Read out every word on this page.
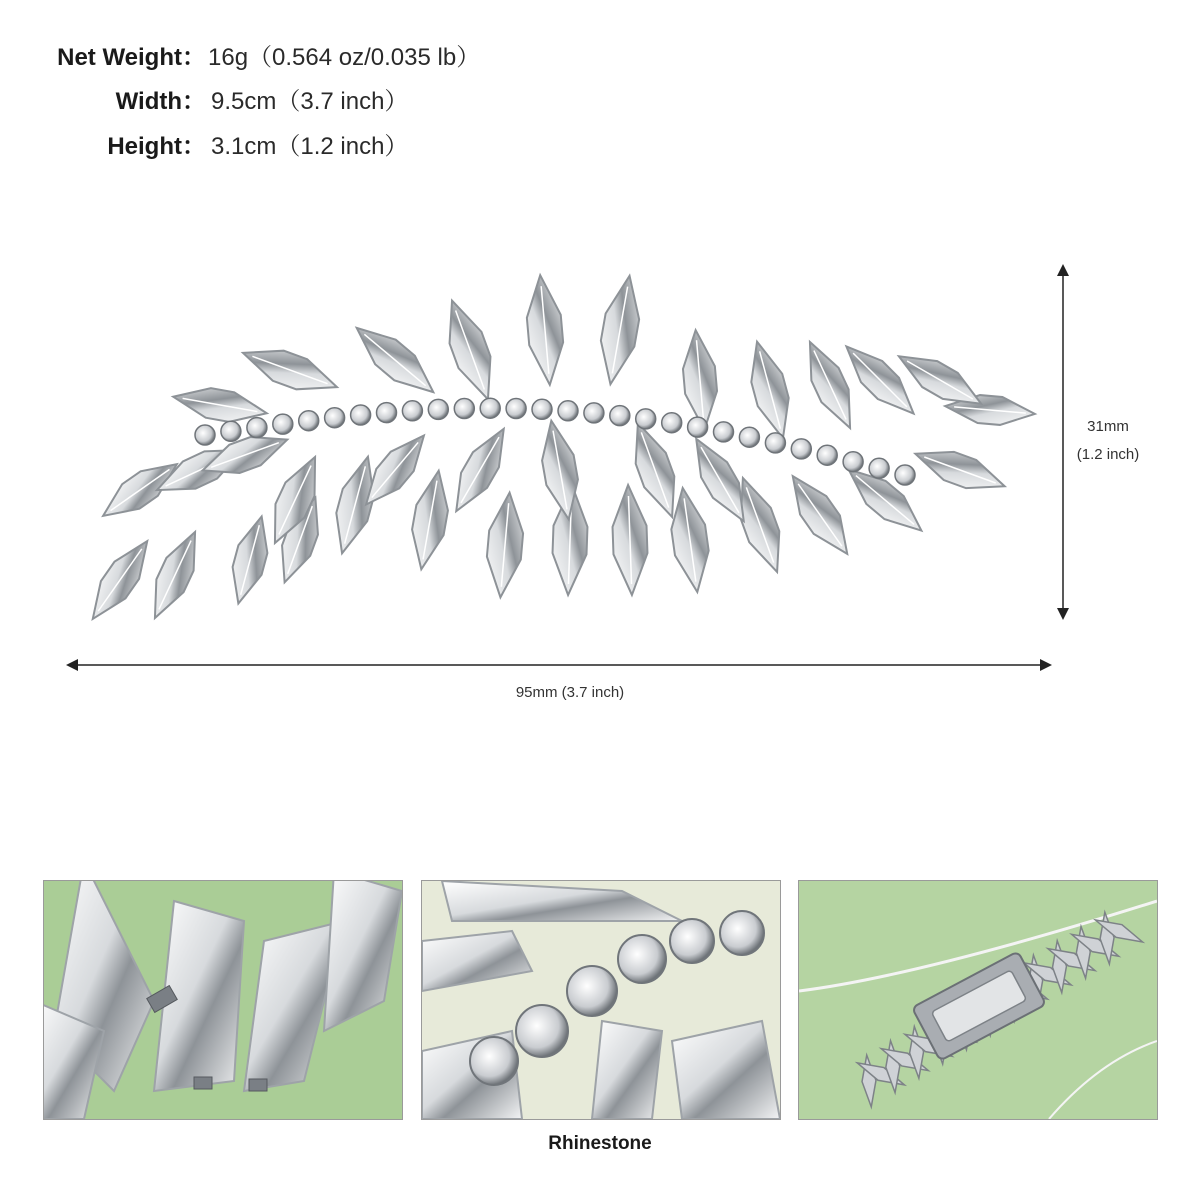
Net Weight： 16g（0.564 oz/0.035 lb）
Width： 9.5cm（3.7 inch）
Height： 3.1cm（1.2 inch）
31mm
(1.2 inch)
95mm (3.7 inch)
Rhinestone
